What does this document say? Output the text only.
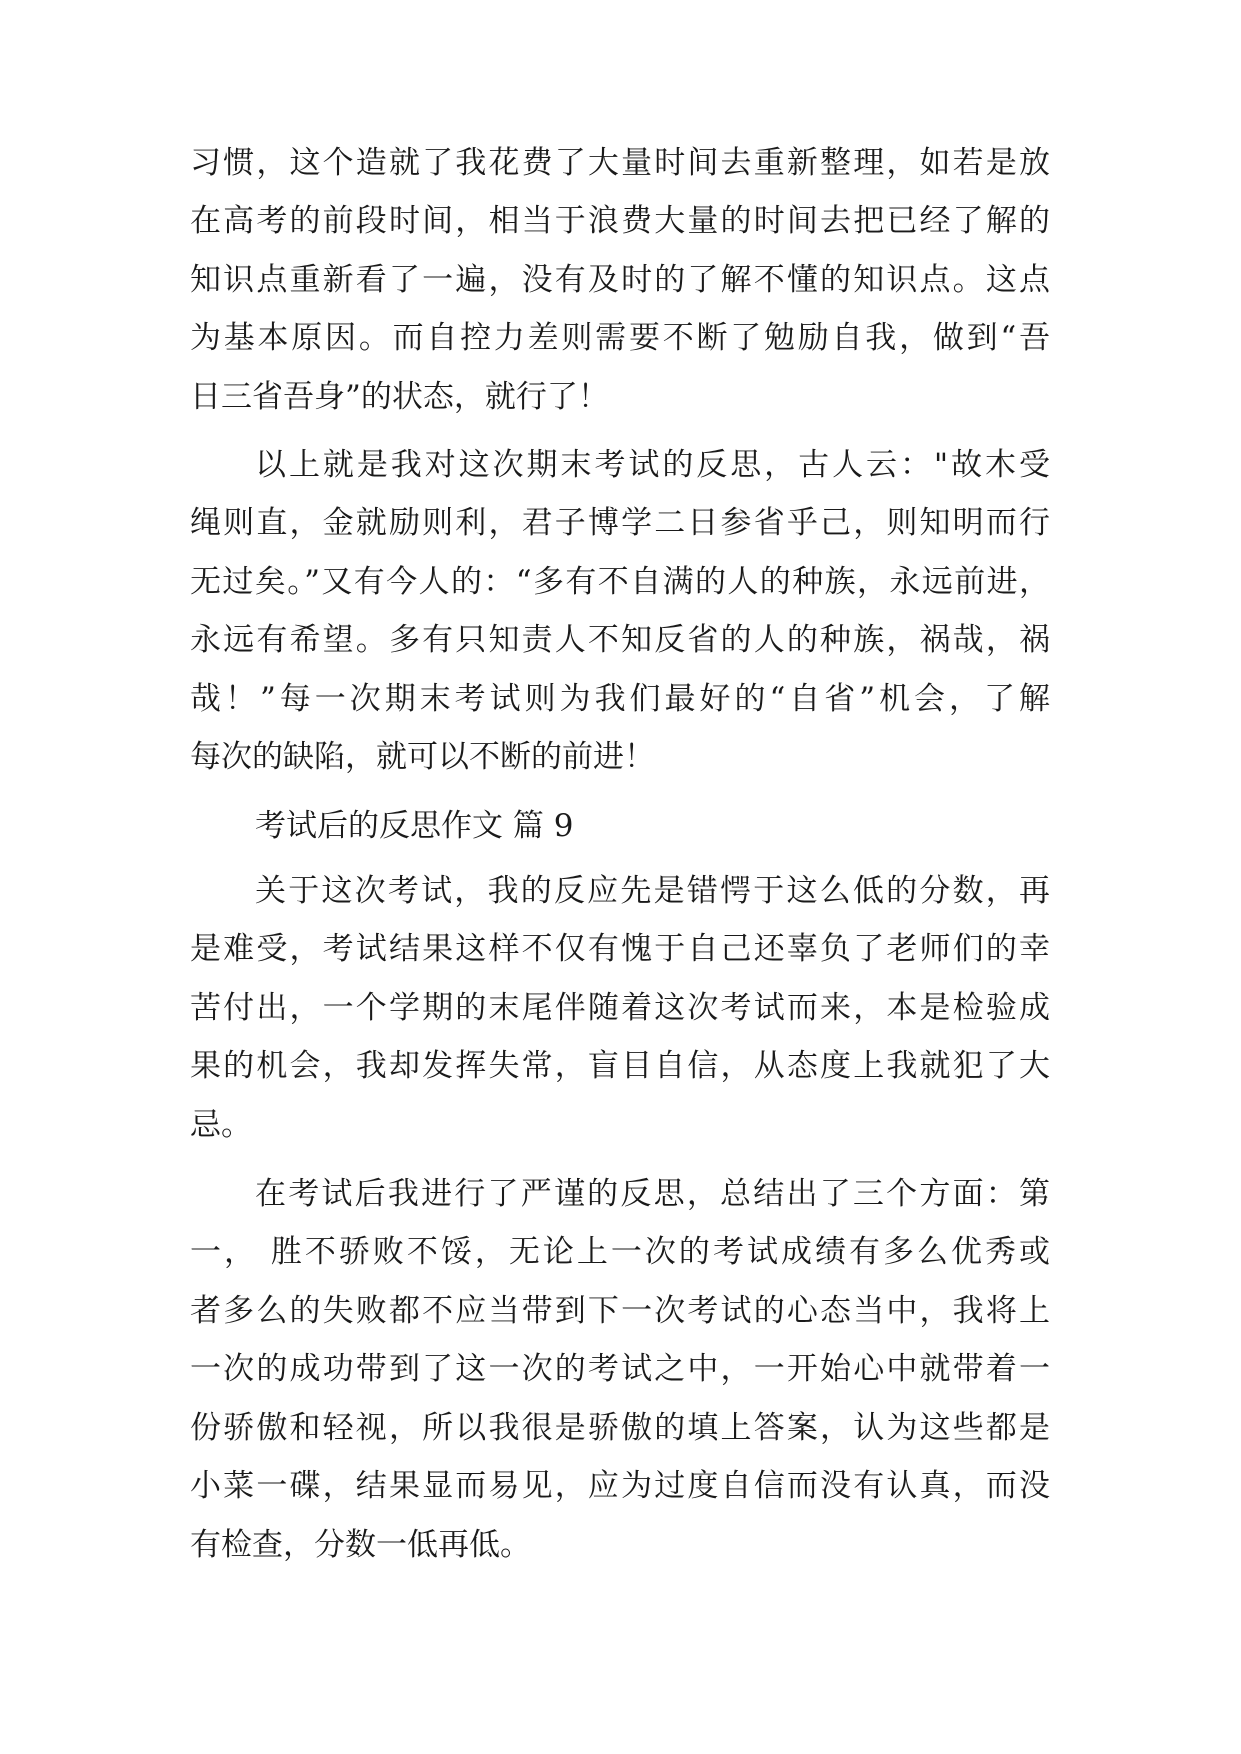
习惯，这个造就了我花费了大量时间去重新整理，如若是放

在高考的前段时间，相当于浪费大量的时间去把已经了解的

知识点重新看了一遍，没有及时的了解不懂的知识点。这点

为基本原因。而自控力差则需要不断了勉励自我，做到“吾

日三省吾身”的状态，就行了！

以上就是我对这次期末考试的反思，古人云："故木受

绳则直，金就励则利，君子博学二日参省乎己，则知明而行

无过矣。”又有今人的：“多有不自满的人的种族，永远前进，

永远有希望。多有只知责人不知反省的人的种族，祸哉，祸

哉！”每一次期末考试则为我们最好的“自省”机会，了解

每次的缺陷，就可以不断的前进！

考试后的反思作文 篇 9

关于这次考试，我的反应先是错愕于这么低的分数，再

是难受，考试结果这样不仅有愧于自己还辜负了老师们的幸

苦付出，一个学期的末尾伴随着这次考试而来，本是检验成

果的机会，我却发挥失常，盲目自信，从态度上我就犯了大

忌。

在考试后我进行了严谨的反思，总结出了三个方面：第

一， 胜不骄败不馁，无论上一次的考试成绩有多么优秀或

者多么的失败都不应当带到下一次考试的心态当中，我将上

一次的成功带到了这一次的考试之中，一开始心中就带着一

份骄傲和轻视，所以我很是骄傲的填上答案，认为这些都是

小菜一碟，结果显而易见，应为过度自信而没有认真，而没

有检查，分数一低再低。
